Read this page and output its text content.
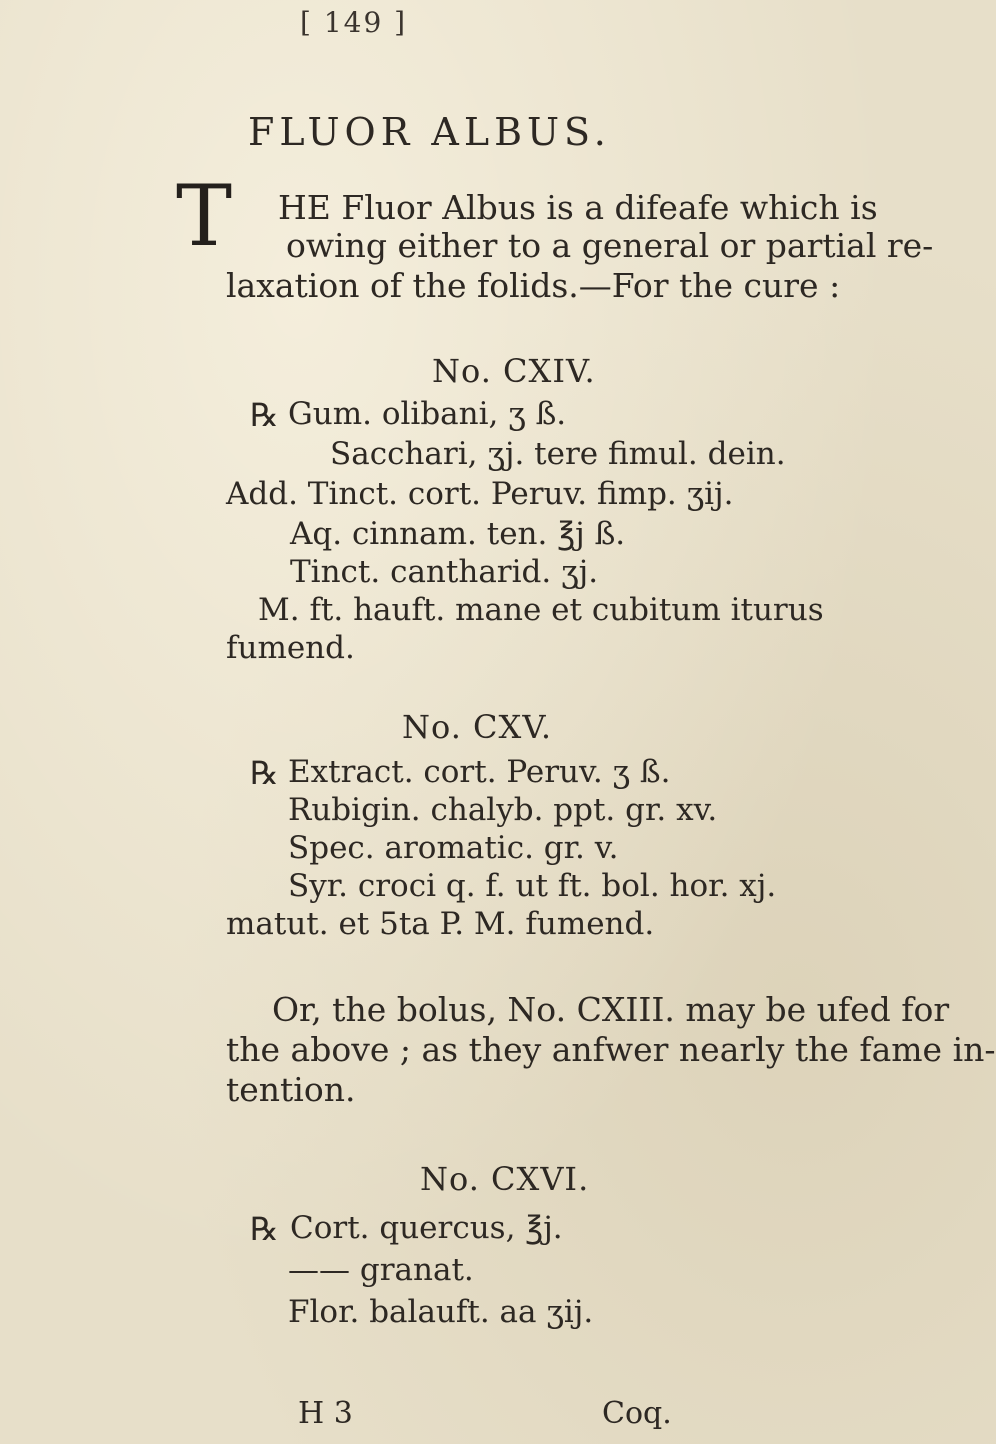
[ 149 ]
FLUOR ALBUS.
T HE Fluor Albus is a difeafe which is
owing either to a general or partial re-
laxation of the folids.—For the cure :
No. CXIV.
℞ Gum. olibani, ʒ ß.
Sacchari, ʒj. tere fimul. dein.
Add. Tinct. cort. Peruv. fimp. ʒij.
Aq. cinnam. ten. ℥j ß.
Tinct. cantharid. ʒj.
M. ft. hauft. mane et cubitum iturus
fumend.
No. CXV.
℞ Extract. cort. Peruv. ʒ ß.
Rubigin. chalyb. ppt. gr. xv.
Spec. aromatic. gr. v.
Syr. croci q. f. ut ft. bol. hor. xj.
matut. et 5ta P. M. fumend.
Or, the bolus, No. CXIII. may be ufed for
the above ; as they anfwer nearly the fame in-
tention.
No. CXVI.
℞ Cort. quercus, ℥j.
—— granat.
Flor. balauft. aa ʒij.
H 3	Coq.
